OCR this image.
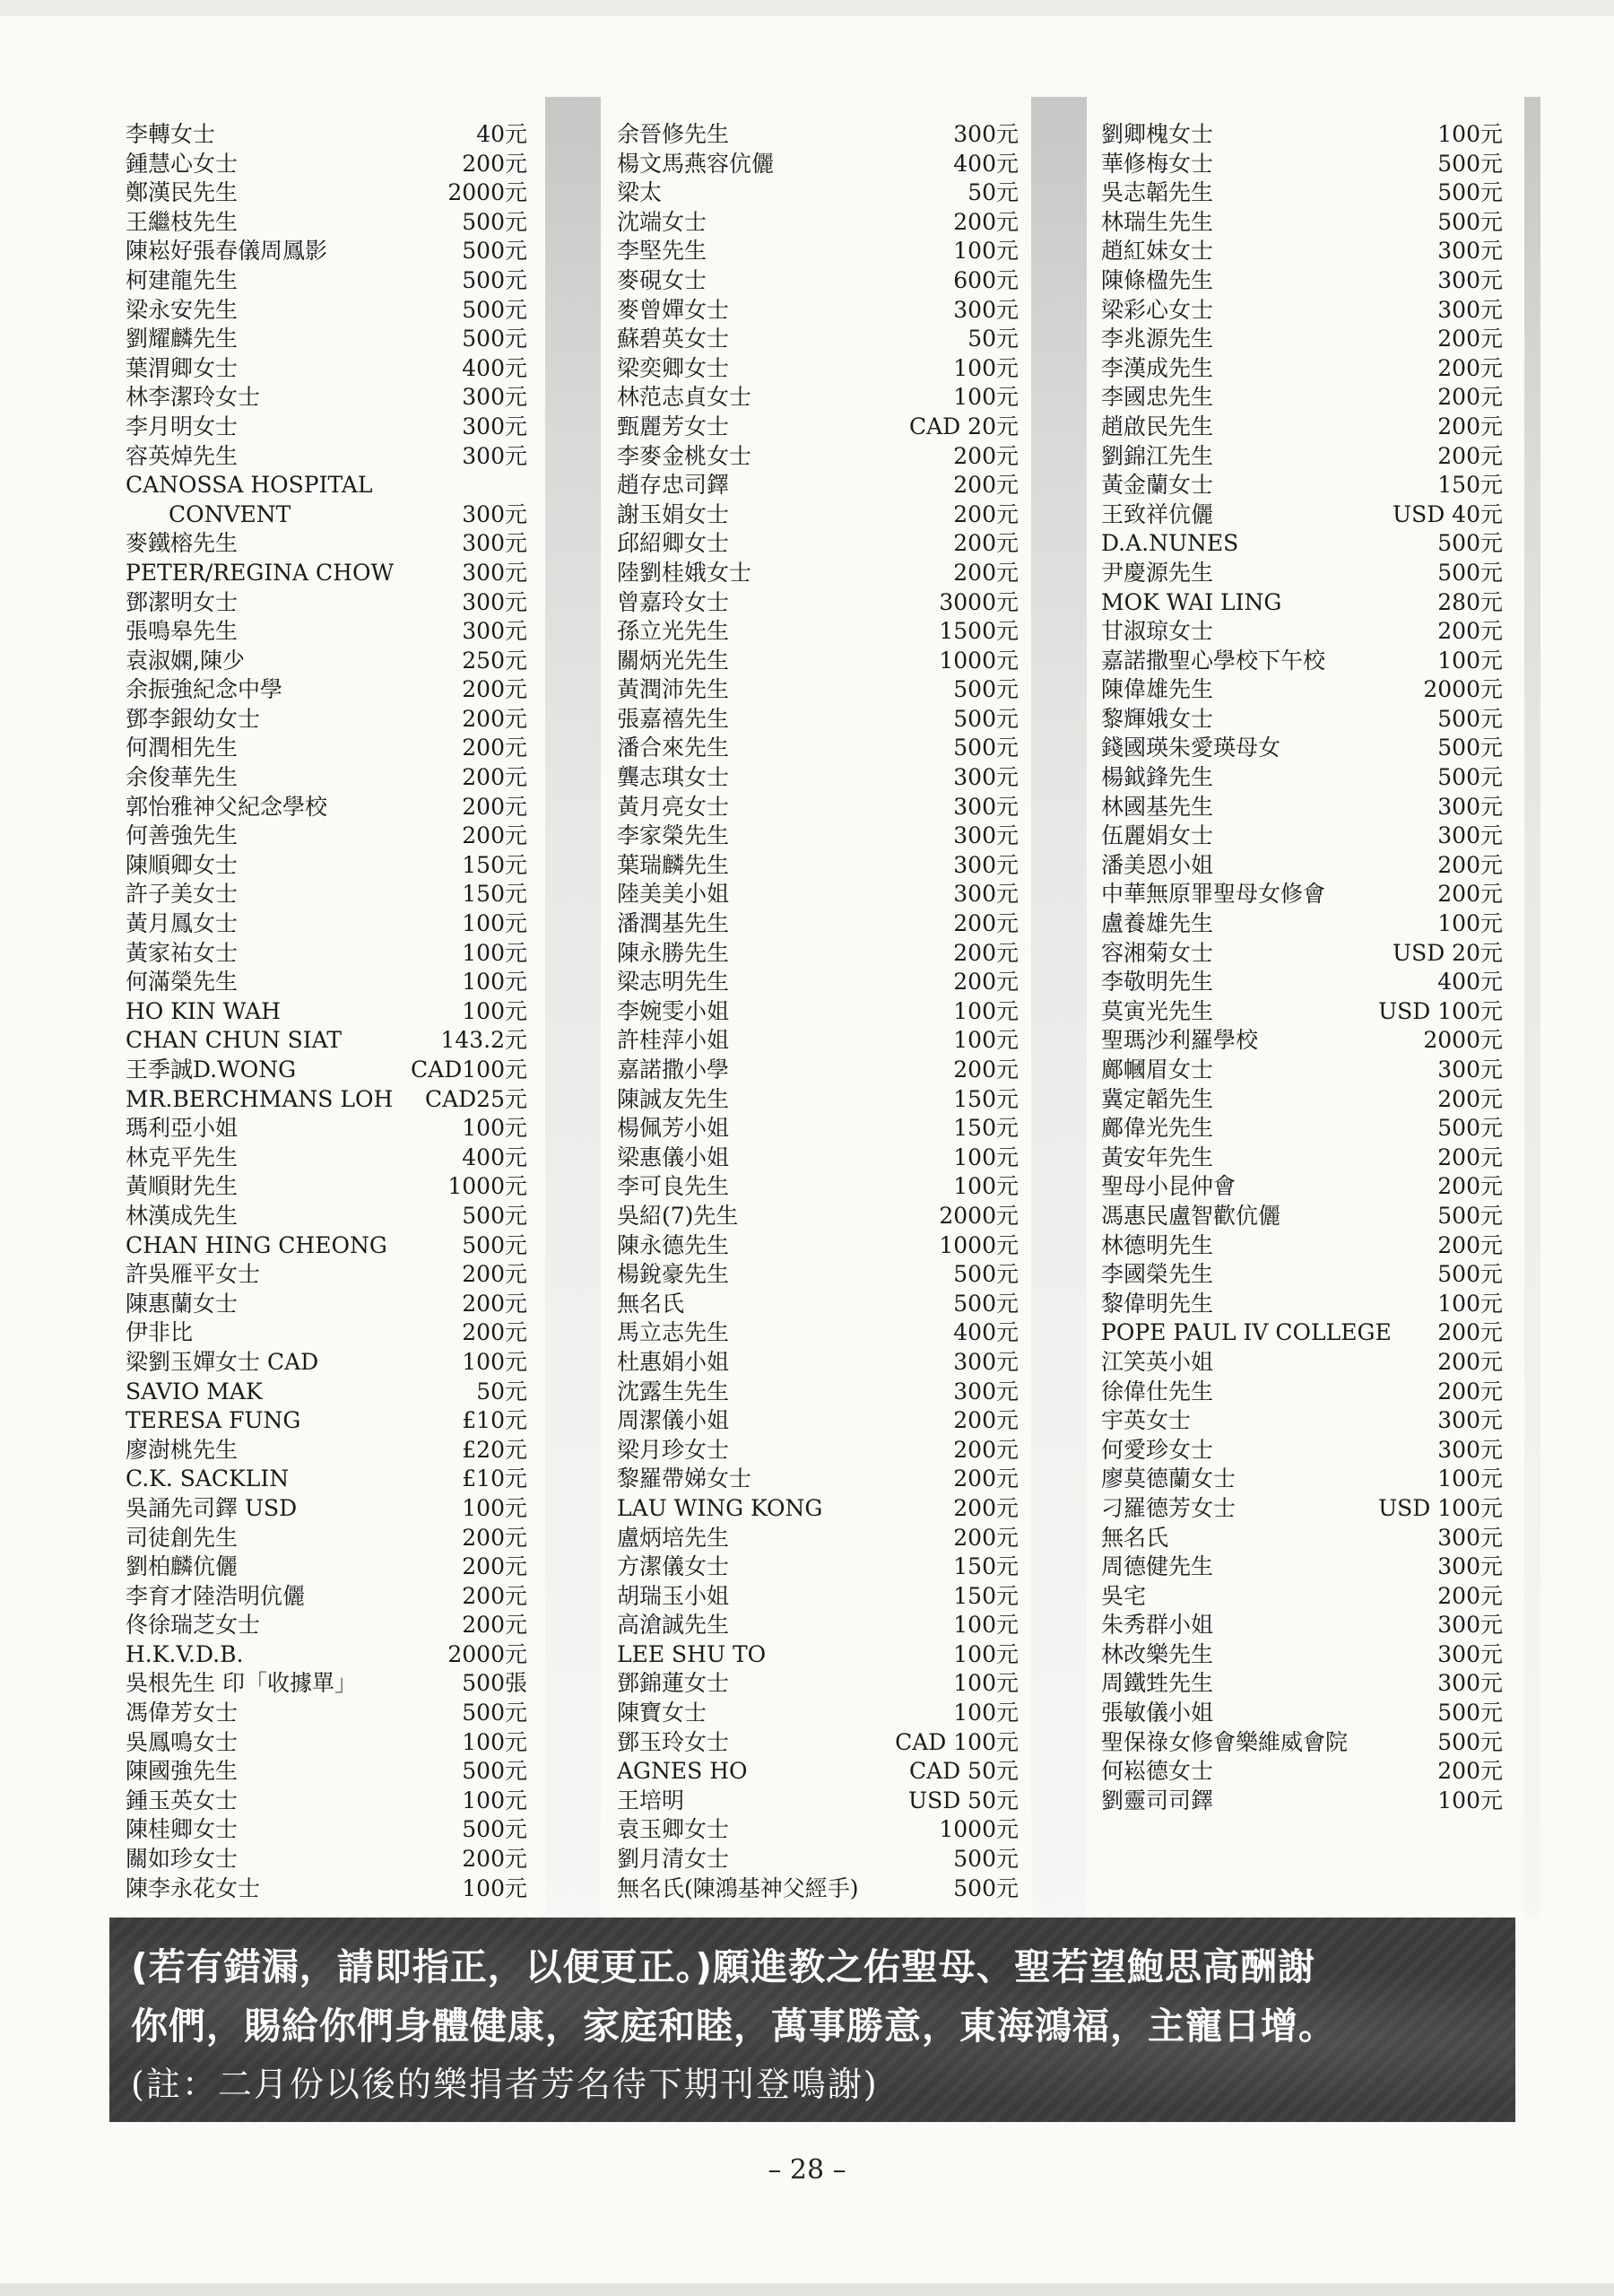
李轉女士	40元
鍾慧心女士	200元
鄭漢民先生	2000元
王繼枝先生	500元
陳崧好張春儀周鳳影	500元
柯建龍先生	500元
梁永安先生	500元
劉耀麟先生	500元
葉渭卿女士	400元
林李潔玲女士	300元
李月明女士	300元
容英焯先生	300元
CANOSSA HOSPITAL
CONVENT	300元
麥鐵榕先生	300元
PETER/REGINA CHOW	300元
鄧潔明女士	300元
張鳴皋先生	300元
袁淑嫻,陳少	250元
余振強紀念中學	200元
鄧李銀幼女士	200元
何潤相先生	200元
余俊華先生	200元
郭怡雅神父紀念學校	200元
何善強先生	200元
陳順卿女士	150元
許子美女士	150元
黃月鳳女士	100元
黃家祐女士	100元
何滿榮先生	100元
HO KIN WAH	100元
CHAN CHUN SIAT	143.2元
王季誠D.WONG	CAD100元
MR.BERCHMANS LOH CAD25元
瑪利亞小姐	100元
林克平先生	400元
黃順財先生	1000元
林漢成先生	500元
CHAN HING CHEONG	500元
許吳雁平女士	200元
陳惠蘭女士	200元
伊非比	200元
梁劉玉嬋女士 CAD	100元
SAVIO MAK	50元
TERESA FUNG	£10元
廖澍桃先生	£20元
C.K. SACKLIN	£10元
吳誦先司鐸 USD	100元
司徒創先生	200元
劉柏麟伉儷	200元
李育才陸浩明伉儷	200元
佟徐瑞芝女士	200元
H.K.V.D.B.	2000元
吳根先生 印「收據單」	500張
馮偉芳女士	500元
吳鳳鳴女士	100元
陳國強先生	500元
鍾玉英女士	100元
陳桂卿女士	500元
關如珍女士	200元
陳李永花女士	100元
余晉修先生	300元
楊文馬燕容伉儷	400元
梁太	50元
沈端女士	200元
李堅先生	100元
麥硯女士	600元
麥曾嬋女士	300元
蘇碧英女士	50元
梁奕卿女士	100元
林范志貞女士	100元
甄麗芳女士	CAD 20元
李麥金桃女士	200元
趙存忠司鐸	200元
謝玉娟女士	200元
邱紹卿女士	200元
陸劉桂娥女士	200元
曾嘉玲女士	3000元
孫立光先生	1500元
關炳光先生	1000元
黃潤沛先生	500元
張嘉禧先生	500元
潘合來先生	500元
龔志琪女士	300元
黃月亮女士	300元
李家榮先生	300元
葉瑞麟先生	300元
陸美美小姐	300元
潘潤基先生	200元
陳永勝先生	200元
梁志明先生	200元
李婉雯小姐	100元
許桂萍小姐	100元
嘉諾撒小學	200元
陳誠友先生	150元
楊佩芳小姐	150元
梁惠儀小姐	100元
李可良先生	100元
吳紹(7)先生	2000元
陳永德先生	1000元
楊銳豪先生	500元
無名氏	500元
馬立志先生	400元
杜惠娟小姐	300元
沈露生先生	300元
周潔儀小姐	200元
梁月珍女士	200元
黎羅帶娣女士	200元
LAU WING KONG	200元
盧炳培先生	200元
方潔儀女士	150元
胡瑞玉小姐	150元
高滄誠先生	100元
LEE SHU TO	100元
鄧錦蓮女士	100元
陳寶女士	100元
鄧玉玲女士	CAD 100元
AGNES HO	CAD 50元
王培明	USD 50元
袁玉卿女士	1000元
劉月清女士	500元
無名氏(陳鴻基神父經手)	500元
劉卿槐女士	100元
華修梅女士	500元
吳志韜先生	500元
林瑞生先生	500元
趙紅妹女士	300元
陳條楹先生	300元
梁彩心女士	300元
李兆源先生	200元
李漢成先生	200元
李國忠先生	200元
趙啟民先生	200元
劉錦江先生	200元
黃金蘭女士	150元
王致祥伉儷	USD 40元
D.A.NUNES	500元
尹慶源先生	500元
MOK WAI LING	280元
甘淑琼女士	200元
嘉諾撒聖心學校下午校	100元
陳偉雄先生	2000元
黎輝娥女士	500元
錢國瑛朱愛瑛母女	500元
楊鉞鋒先生	500元
林國基先生	300元
伍麗娟女士	300元
潘美恩小姐	200元
中華無原罪聖母女修會	200元
盧養雄先生	100元
容湘菊女士	USD 20元
李敬明先生	400元
莫寅光先生	USD 100元
聖瑪沙利羅學校	2000元
鄺幗眉女士	300元
冀定韜先生	200元
鄺偉光先生	500元
黃安年先生	200元
聖母小昆仲會	200元
馮惠民盧智歡伉儷	500元
林德明先生	200元
李國榮先生	500元
黎偉明先生	100元
POPE PAUL IV COLLEGE 200元
江笑英小姐	200元
徐偉仕先生	200元
宇英女士	300元
何愛珍女士	300元
廖莫德蘭女士	100元
刁羅德芳女士	USD 100元
無名氏	300元
周德健先生	300元
吳宅	200元
朱秀群小姐	300元
林改樂先生	300元
周鐵甡先生	300元
張敏儀小姐	500元
聖保祿女修會樂維威會院	500元
何崧德女士	200元
劉靈司司鐸	100元
(若有錯漏，請即指正，以便更正。)願進教之佑聖母、聖若望鮑思高酬謝
你們，賜給你們身體健康，家庭和睦，萬事勝意，東海鴻福，主寵日增。
(註：二月份以後的樂捐者芳名待下期刊登鳴謝)
– 28 –
